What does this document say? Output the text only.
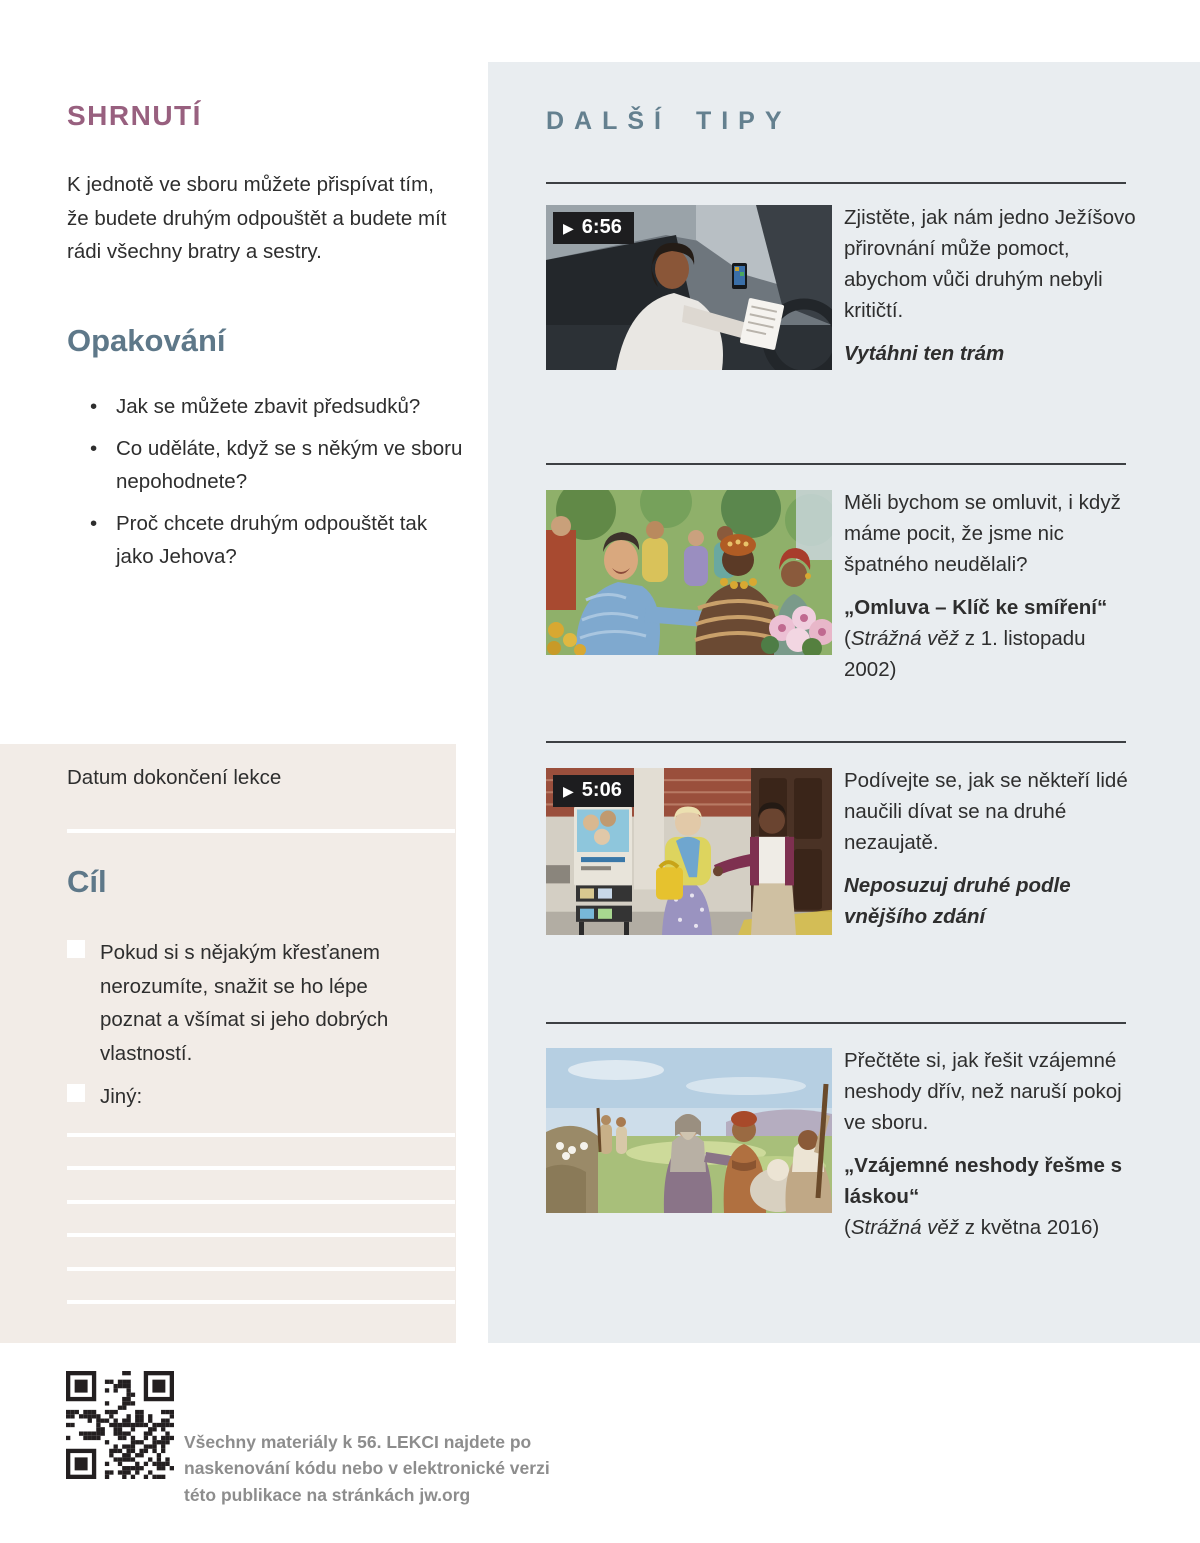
SHRNUTÍ
K jednotě ve sboru můžete přispívat tím, že budete druhým odpouštět a budete mít rádi všechny bratry a sestry.
Opakování
• Jak se můžete zbavit předsudků?
• Co uděláte, když se s někým ve sboru nepohodnete?
• Proč chcete druhým odpouštět tak jako Jehova?
Datum dokončení lekce
Cíl
Pokud si s nějakým křesťanem nerozumíte, snažit se ho lépe poznat a všímat si jeho dobrých vlastností.
Jiný:
DALŠÍ TIPY
▶ 6:56	Zjistěte, jak nám jedno Ježíšovo přirovnání může pomoct, abychom vůči druhým nebyli kritičtí.

Vytáhni ten trám

Měli bychom se omluvit, i když máme pocit, že jsme nic špatného neudělali?

„Omluva – Klíč ke smíření“

(Strážná věž z 1. listopadu 2002)

▶ 5:06	Podívejte se, jak se někteří lidé naučili dívat se na druhé nezaujatě.

Neposuzuj druhé podle vnějšího zdání

Přečtěte si, jak řešit vzájemné neshody dřív, než naruší pokoj ve sboru.

„Vzájemné neshody řešme s láskou“

(Strážná věž z května 2016)

Všechny materiály k 56. LEKCI najdete po naskenování kódu nebo v elektronické verzi této publikace na stránkách jw.org
